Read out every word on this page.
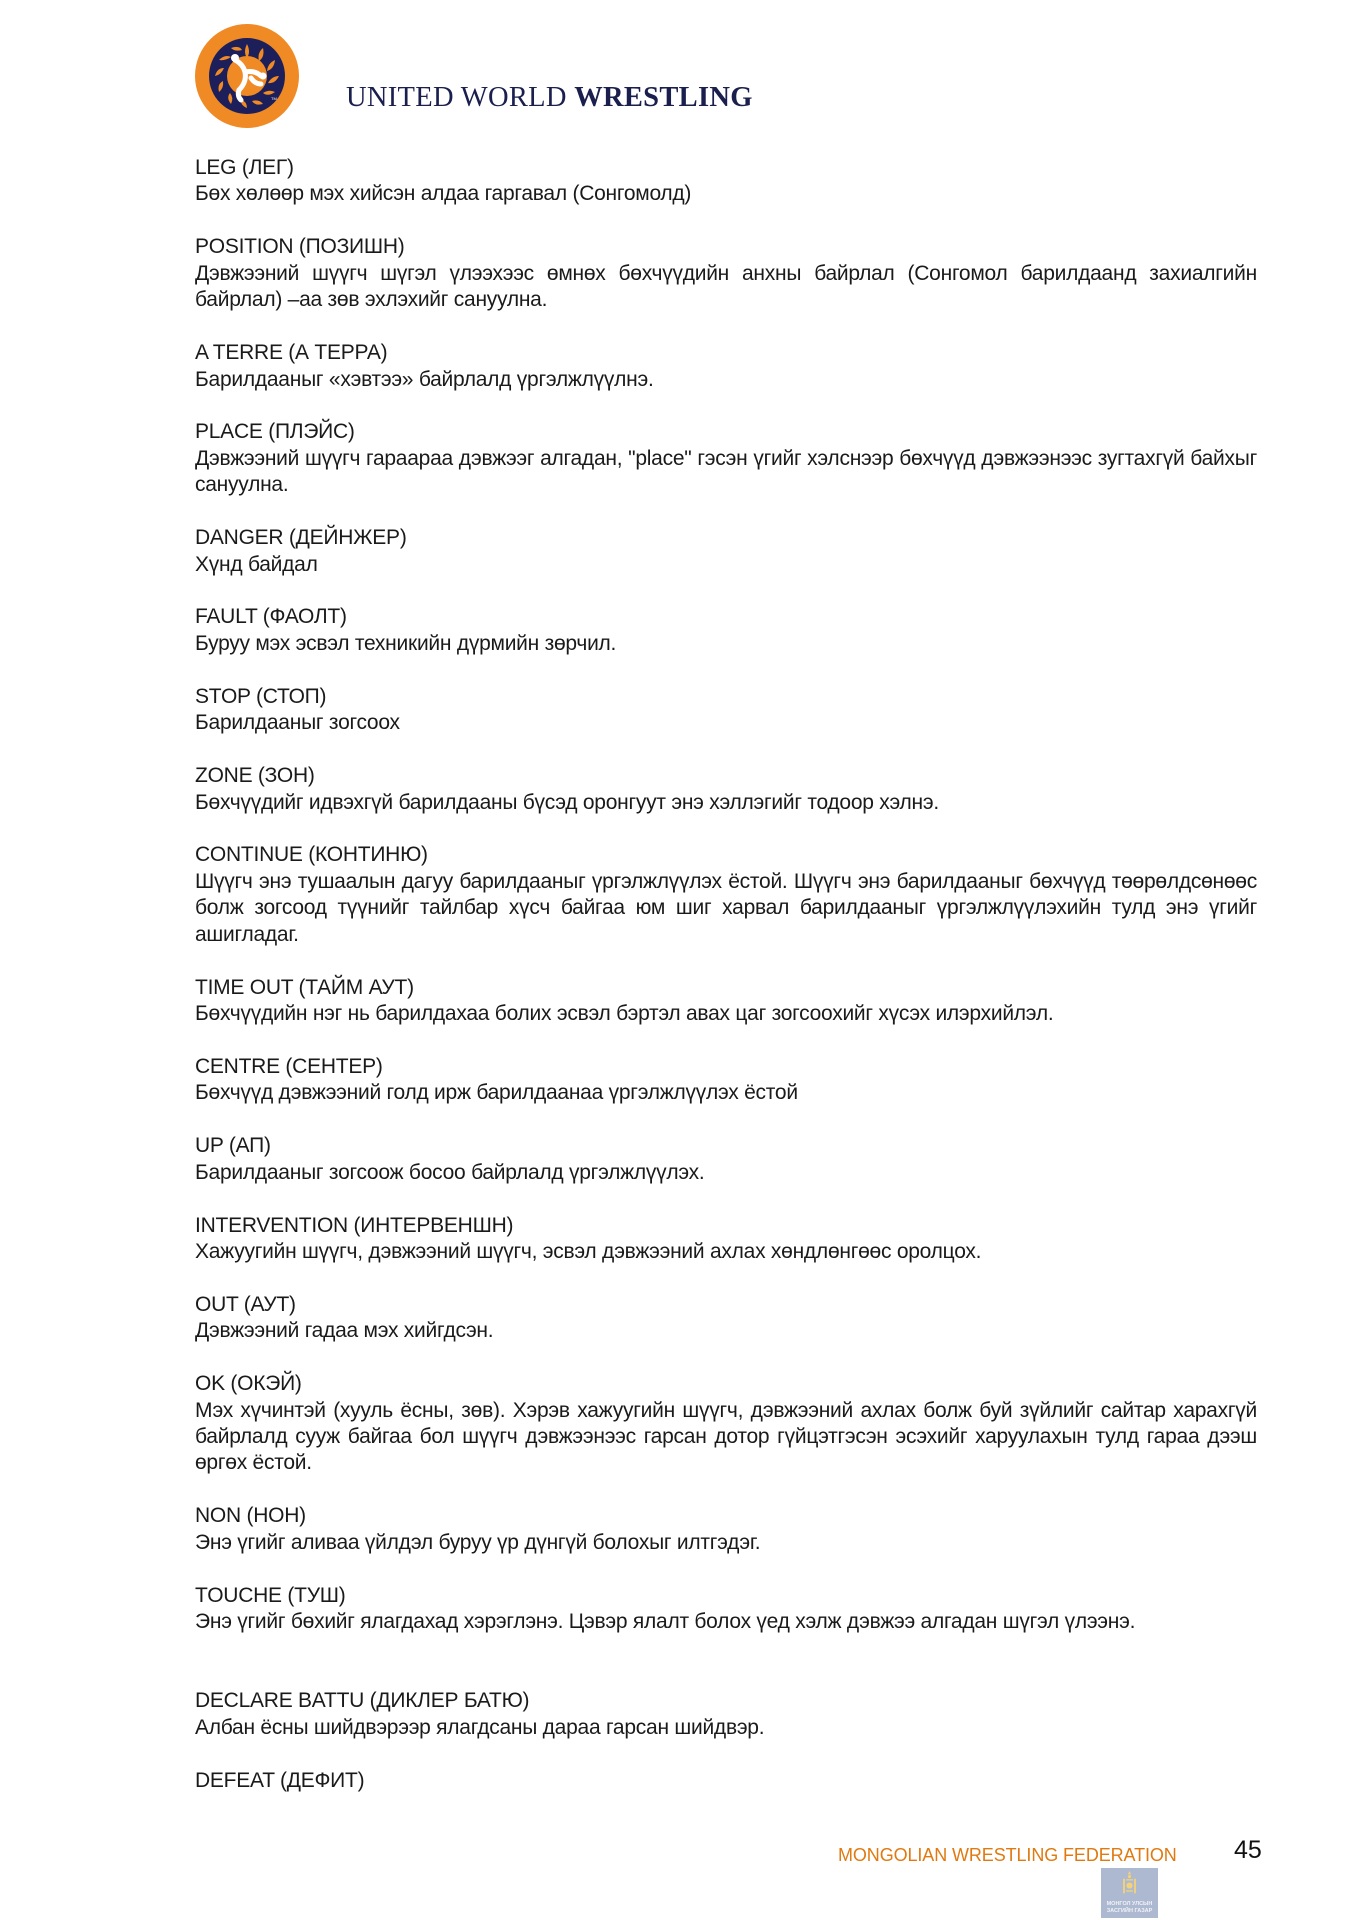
TM UNITED WORLD WRESTLING
LEG (ЛЕГ)
Бөх хөлөөр мэх хийсэн алдаа гаргавал (Сонгомолд)
POSITION (ПОЗИШН)
Дэвжээний шүүгч шүгэл үлээхээс өмнөх бөхчүүдийн анхны байрлал (Сонгомол барилдаанд захиалгийн байрлал) –аа зөв эхлэхийг сануулна.
A TERRE (А ТЕРРА)
Барилдааныг «хэвтээ» байрлалд үргэлжлүүлнэ.
PLACE (ПЛЭЙС)
Дэвжээний шүүгч гараараа дэвжээг алгадан, "place" гэсэн үгийг хэлснээр бөхчүүд дэвжээнээс зугтахгүй байхыг сануулна.
DANGER (ДЕЙНЖЕР)
Хүнд байдал
FAULT (ФАОЛТ)
Буруу мэх эсвэл техникийн дүрмийн зөрчил.
STOP (СТОП)
Барилдааныг зогсоох
ZONE (ЗОН)
Бөхчүүдийг идвэхгүй барилдааны бүсэд оронгуут энэ хэллэгийг тодоор хэлнэ.
CONTINUE (КОНТИНЮ)
Шүүгч энэ тушаалын дагуу барилдааныг үргэлжлүүлэх ёстой. Шүүгч энэ барилдааныг бөхчүүд төөрөлдсөнөөс болж зогсоод түүнийг тайлбар хүсч байгаа юм шиг харвал барилдааныг үргэлжлүүлэхийн тулд энэ үгийг ашигладаг.
TIME OUT (ТАЙМ АУТ)
Бөхчүүдийн нэг нь барилдахаа болих эсвэл бэртэл авах цаг зогсоохийг хүсэх илэрхийлэл.
CENTRE (СЕНТЕР)
Бөхчүүд дэвжээний голд ирж барилдаанаа үргэлжлүүлэх ёстой
UP (АП)
Барилдааныг зогсоож босоо байрлалд үргэлжлүүлэх.
INTERVENTION (ИНТЕРВЕНШН)
Хажуугийн шүүгч, дэвжээний шүүгч, эсвэл дэвжээний ахлах хөндлөнгөөс оролцох.
OUT (АУТ)
Дэвжээний гадаа мэх хийгдсэн.
OK (ОКЭЙ)
Мэх хүчинтэй (хууль ёсны, зөв). Хэрэв хажуугийн шүүгч, дэвжээний ахлах болж буй зүйлийг сайтар харахгүй байрлалд сууж байгаа бол шүүгч дэвжээнээс гарсан дотор гүйцэтгэсэн эсэхийг харуулахын тулд гараа дээш өргөх ёстой.
NON (НОН)
Энэ үгийг аливаа үйлдэл буруу үр дүнгүй болохыг илтгэдэг.
TOUCHE (ТУШ)
Энэ үгийг бөхийг ялагдахад хэрэглэнэ. Цэвэр ялалт болох үед хэлж дэвжээ алгадан шүгэл үлээнэ.
DECLARE BATTU (ДИКЛЕР БАТЮ)
Албан ёсны шийдвэрээр ялагдсаны дараа гарсан шийдвэр.
DEFEAT (ДЕФИТ)
MONGOLIAN WRESTLING FEDERATION
МОНГОЛ УЛСЫН
ЗАСГИЙН ГАЗАР
45
